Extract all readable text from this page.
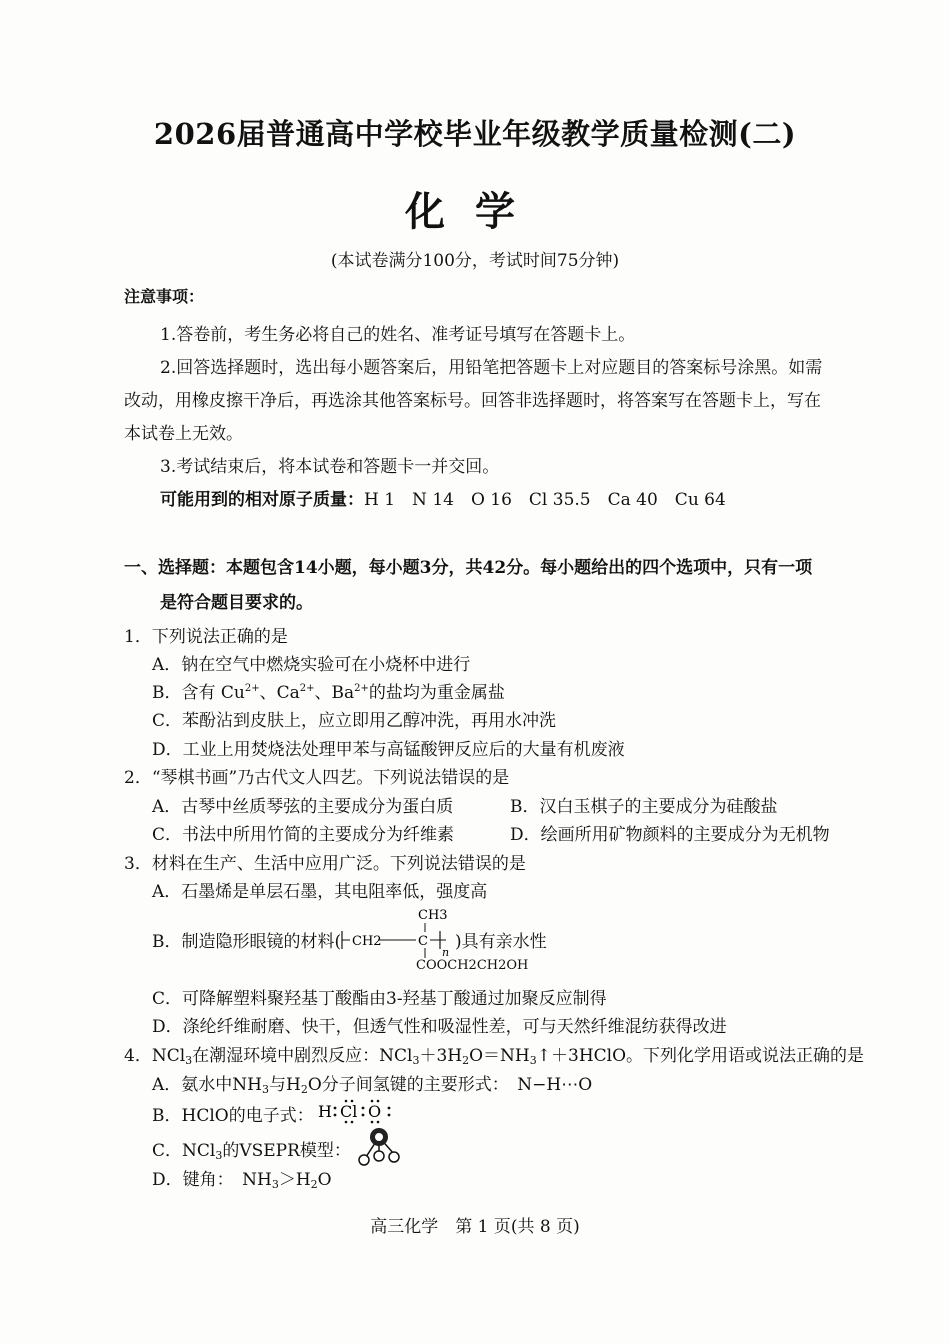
2026届普通高中学校毕业年级教学质量检测(二)
化学
(本试卷满分100分，考试时间75分钟)
注意事项：
1.答卷前，考生务必将自己的姓名、准考证号填写在答题卡上。
2.回答选择题时，选出每小题答案后，用铅笔把答题卡上对应题目的答案标号涂黑。如需
改动，用橡皮擦干净后，再选涂其他答案标号。回答非选择题时，将答案写在答题卡上，写在
本试卷上无效。
3.考试结束后，将本试卷和答题卡一并交回。
可能用到的相对原子质量：H 1　N 14　O 16　Cl 35.5　Ca 40　Cu 64
一、选择题：本题包含14小题，每小题3分，共42分。每小题给出的四个选项中，只有一项
是符合题目要求的。
1．下列说法正确的是
A．钠在空气中燃烧实验可在小烧杯中进行
B．含有 $Cu^{2+}$、$Ca^{2+}$、$Ba^{2+}$的盐均为重金属盐
C．苯酚沾到皮肤上，应立即用乙醇冲洗，再用水冲洗
D．工业上用焚烧法处理甲苯与高锰酸钾反应后的大量有机废液
2．“琴棋书画”乃古代文人四艺。下列说法错误的是
A．古琴中丝质琴弦的主要成分为蛋白质	B．汉白玉棋子的主要成分为硅酸盐
C．书法中所用竹简的主要成分为纤维素	D．绘画所用矿物颜料的主要成分为无机物
3．材料在生产、生活中应用广泛。下列说法错误的是
A．石墨烯是单层石墨，其电阻率低，强度高
B．制造隐形眼镜的材料(
CH3
CH2	C
n
COOCH2CH2OH
)具有亲水性
C．可降解塑料聚羟基丁酸酯由3-羟基丁酸通过加聚反应制得
D．涤纶纤维耐磨、快干，但透气性和吸湿性差，可与天然纤维混纺获得改进
4．NCl$_3$在潮湿环境中剧烈反应：$NCl_3+3H_2O=NH_3↑+3HClO$。下列化学用语或说法正确的是
A．氨水中$NH_3$与$H_2O$分子间氢键的主要形式：　N−H⋯O
B．HClO的电子式： H Cl O
C．NCl$_3$的VSEPR模型：
D．键角：　$NH_3>H_2O$
高三化学　第 1 页(共 8 页)
